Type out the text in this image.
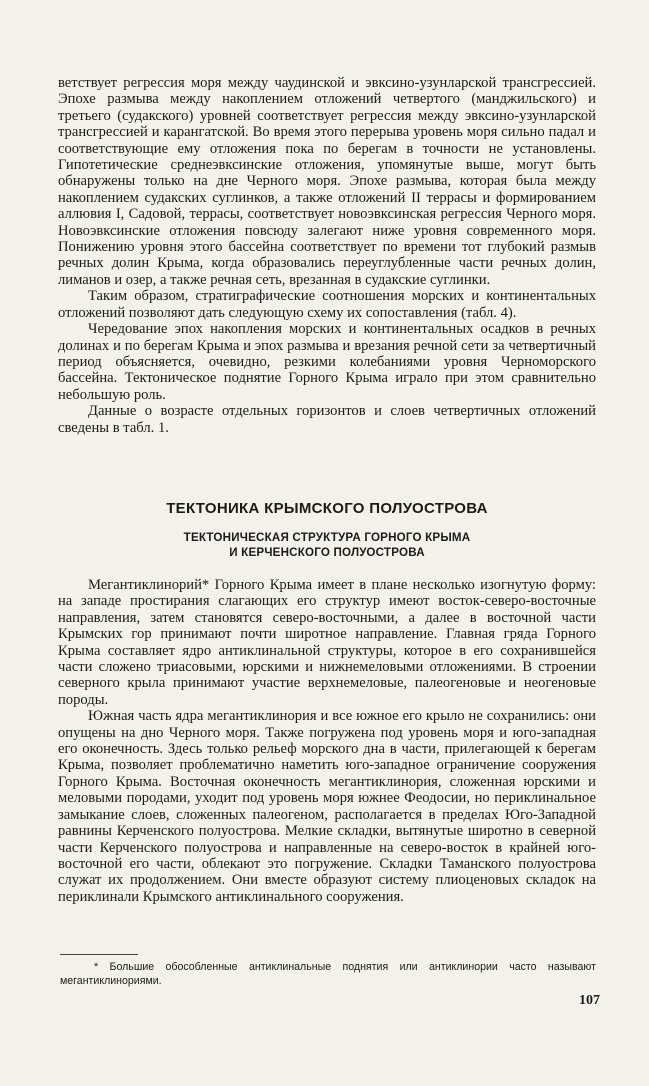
ветствует регрессия моря между чаудинской и эвксино-узунларской трансгрессией. Эпохе размыва между накоплением отложений четвертого (манджильского) и третьего (судакского) уровней соответствует регрессия между эвксино-узунларской трансгрессией и карангатской. Во время этого перерыва уровень моря сильно падал и соответствующие ему отложения пока по берегам в точности не установлены. Гипотетические среднеэвксинские отложения, упомянутые выше, могут быть обнаружены только на дне Черного моря. Эпохе размыва, которая была между накоплением судакских суглинков, а также отложений II террасы и формированием аллювия I, Садовой, террасы, соответствует новоэвксинская регрессия Черного моря. Новоэвксинские отложения повсюду залегают ниже уровня современного моря. Понижению уровня этого бассейна соответствует по времени тот глубокий размыв речных долин Крыма, когда образовались переуглубленные части речных долин, лиманов и озер, а также речная сеть, врезанная в судакские суглинки.

Таким образом, стратиграфические соотношения морских и континентальных отложений позволяют дать следующую схему их сопоставления (табл. 4).

Чередование эпох накопления морских и континентальных осадков в речных долинах и по берегам Крыма и эпох размыва и врезания речной сети за четвертичный период объясняется, очевидно, резкими колебаниями уровня Черноморского бассейна. Тектоническое поднятие Горного Крыма играло при этом сравнительно небольшую роль.

Данные о возрасте отдельных горизонтов и слоев четвертичных отложений сведены в табл. 1.

ТЕКТОНИКА КРЫМСКОГО ПОЛУОСТРОВА
ТЕКТОНИЧЕСКАЯ СТРУКТУРА ГОРНОГО КРЫМА
И КЕРЧЕНСКОГО ПОЛУОСТРОВА

Мегантиклинорий* Горного Крыма имеет в плане несколько изогнутую форму: на западе простирания слагающих его структур имеют восток-северо-восточные направления, затем становятся северо-восточными, а далее в восточной части Крымских гор принимают почти широтное направление. Главная гряда Горного Крыма составляет ядро антиклинальной структуры, которое в его сохранившейся части сложено триасовыми, юрскими и нижнемеловыми отложениями. В строении северного крыла принимают участие верхнемеловые, палеогеновые и неогеновые породы.

Южная часть ядра мегантиклинория и все южное его крыло не сохранились: они опущены на дно Черного моря. Также погружена под уровень моря и юго-западная его оконечность. Здесь только рельеф морского дна в части, прилегающей к берегам Крыма, позволяет проблематично наметить юго-западное ограничение сооружения Горного Крыма. Восточная оконечность мегантиклинория, сложенная юрскими и меловыми породами, уходит под уровень моря южнее Феодосии, но периклинальное замыкание слоев, сложенных палеогеном, располагается в пределах Юго-Западной равнины Керченского полуострова. Мелкие складки, вытянутые широтно в северной части Керченского полуострова и направленные на северо-восток в крайней юго-восточной его части, облекают это погружение. Складки Таманского полуострова служат их продолжением. Они вместе образуют систему плиоценовых складок на периклинали Крымского антиклинального сооружения.

* Большие обособленные антиклинальные поднятия или антиклинории часто называют мегантиклинориями.
107
